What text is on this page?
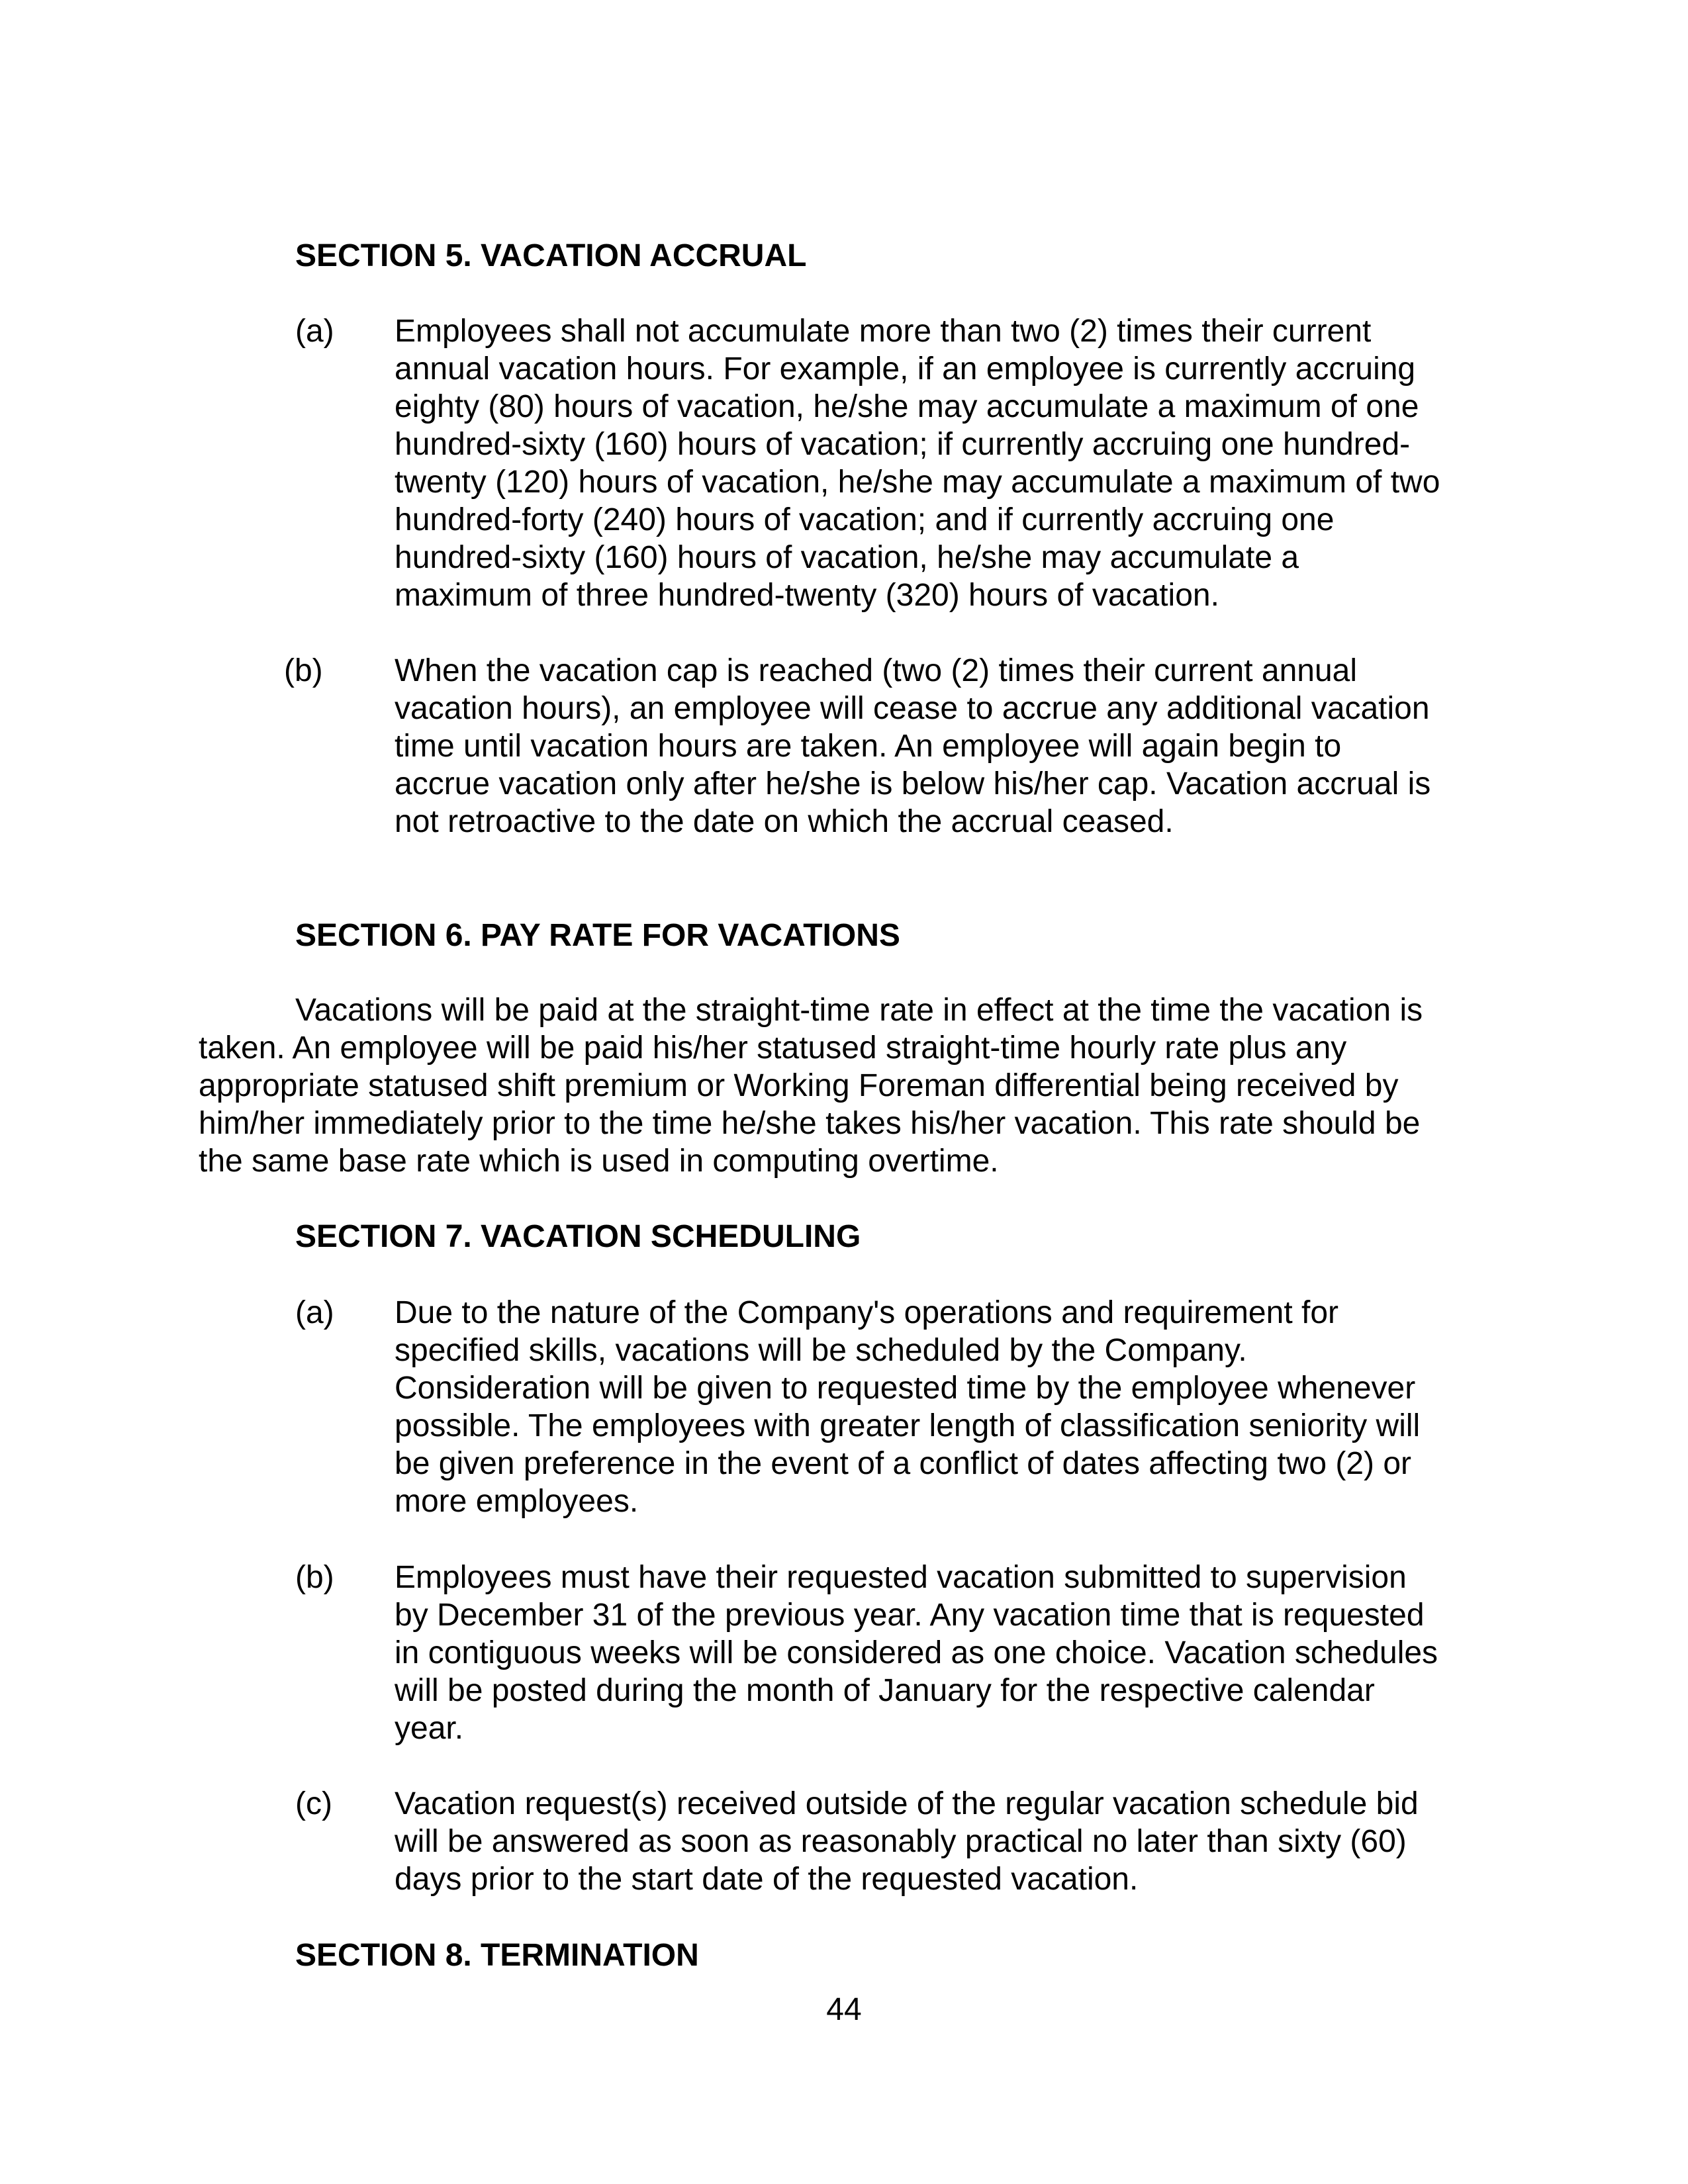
SECTION 5. VACATION ACCRUAL
(a) Employees shall not accumulate more than two (2) times their current
annual vacation hours. For example, if an employee is currently accruing
eighty (80) hours of vacation, he/she may accumulate a maximum of one
hundred-sixty (160) hours of vacation; if currently accruing one hundred-
twenty (120) hours of vacation, he/she may accumulate a maximum of two
hundred-forty (240) hours of vacation; and if currently accruing one
hundred-sixty (160) hours of vacation, he/she may accumulate a
maximum of three hundred-twenty (320) hours of vacation.
(b) When the vacation cap is reached (two (2) times their current annual
vacation hours), an employee will cease to accrue any additional vacation
time until vacation hours are taken. An employee will again begin to
accrue vacation only after he/she is below his/her cap. Vacation accrual is
not retroactive to the date on which the accrual ceased.
SECTION 6. PAY RATE FOR VACATIONS
Vacations will be paid at the straight-time rate in effect at the time the vacation is
taken. An employee will be paid his/her statused straight-time hourly rate plus any
appropriate statused shift premium or Working Foreman differential being received by
him/her immediately prior to the time he/she takes his/her vacation. This rate should be
the same base rate which is used in computing overtime.
SECTION 7. VACATION SCHEDULING
(a) Due to the nature of the Company's operations and requirement for
specified skills, vacations will be scheduled by the Company.
Consideration will be given to requested time by the employee whenever
possible. The employees with greater length of classification seniority will
be given preference in the event of a conflict of dates affecting two (2) or
more employees.
(b) Employees must have their requested vacation submitted to supervision
by December 31 of the previous year. Any vacation time that is requested
in contiguous weeks will be considered as one choice. Vacation schedules
will be posted during the month of January for the respective calendar
year.
(c) Vacation request(s) received outside of the regular vacation schedule bid
will be answered as soon as reasonably practical no later than sixty (60)
days prior to the start date of the requested vacation.
SECTION 8. TERMINATION
44
